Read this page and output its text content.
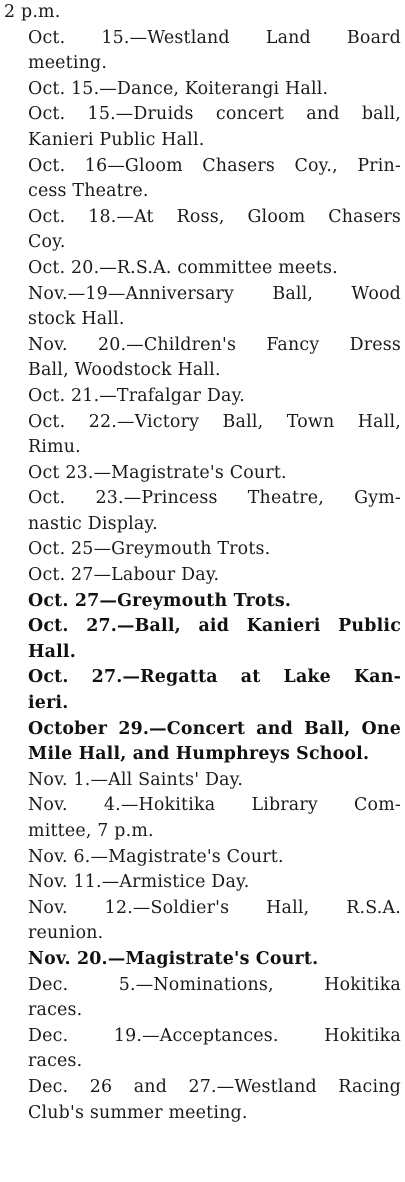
2 p.m.

Oct. 15.—Westland Land Board
meeting.

Oct. 15.—Dance, Koiterangi Hall.

Oct. 15.—Druids concert and ball,
Kanieri Public Hall.

Oct. 16—Gloom Chasers Coy., Prin-
cess Theatre.

Oct. 18.—At Ross, Gloom Chasers
Coy.

Oct. 20.—R.S.A. committee meets.

Nov.—19—Anniversary Ball, Wood
stock Hall.

Nov. 20.—Children's Fancy Dress
Ball, Woodstock Hall.

Oct. 21.—Trafalgar Day.

Oct. 22.—Victory Ball, Town Hall,
Rimu.

Oct 23.—Magistrate's Court.

Oct. 23.—Princess Theatre, Gym-
nastic Display.

Oct. 25—Greymouth Trots.

Oct. 27—Labour Day.

Oct. 27—Greymouth Trots.

Oct. 27.—Ball, aid Kanieri Public
Hall.

Oct. 27.—Regatta at Lake Kan-
ieri.

October 29.—Concert and Ball, One
Mile Hall, and Humphreys School.

Nov. 1.—All Saints' Day.

Nov. 4.—Hokitika Library Com-
mittee, 7 p.m.

Nov. 6.—Magistrate's Court.

Nov. 11.—Armistice Day.

Nov. 12.—Soldier's Hall, R.S.A.
reunion.

Nov. 20.—Magistrate's Court.

Dec. 5.—Nominations, Hokitika
races.

Dec. 19.—Acceptances. Hokitika
races.

Dec. 26 and 27.—Westland Racing
Club's summer meeting.
